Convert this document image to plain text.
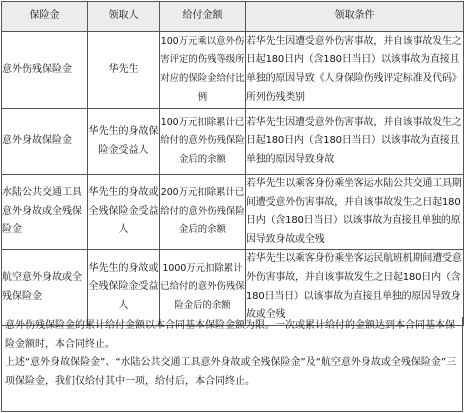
保险金	领取人	给付金额	领取条件

意外伤残保险金	华先生	100万元乘以意外伤害评定的伤残等级所对应的保险金给付比例	若华先生因遭受意外伤害事故，并自该事故发生之日起180日内（含180日当日）以该事故为直接且单独的原因导致《人身保险伤残评定标准及代码》所列伤残类别

意外身故保险金	华先生的身故保险金受益人	100万元扣除累计已给付的意外伤残保险金后的余额	若华先生因遭受意外伤害事故，并自该事故发生之日起180日内（含180日当日）以该事故为直接且单独的原因导致身故

水陆公共交通工具意外身故或全残保险金	华先生的身故或全残保险金受益人	200万元扣除累计已给付的意外伤残保险金后的余额	若华先生以乘客身份乘坐客运水陆公共交通工具期间遭受意外伤害事故，并自该事故发生之日起180日内（含180日当日）以该事故为直接且单独的原因导致身故或全残

航空意外身故或全残保险金	华先生的身故或全残保险金受益人	1000万元扣除累计已给付的意外伤残保险金后的余额	若华先生以乘客身份乘坐客运民航班机期间遭受意外伤害事故，并自该事故发生之日起180日内（含180日当日）以该事故为直接且单独的原因导致身故或全残

意外伤残保险金的累计给付金额以本合同基本保险金额为限。一次或累计给付的金额达到本合同基本保险金额时，本合同终止。

上述“意外身故保险金”、“水陆公共交通工具意外身故或全残保险金”及“航空意外身故或全残保险金”三项保险金，我们仅给付其中一项，给付后，本合同终止。
